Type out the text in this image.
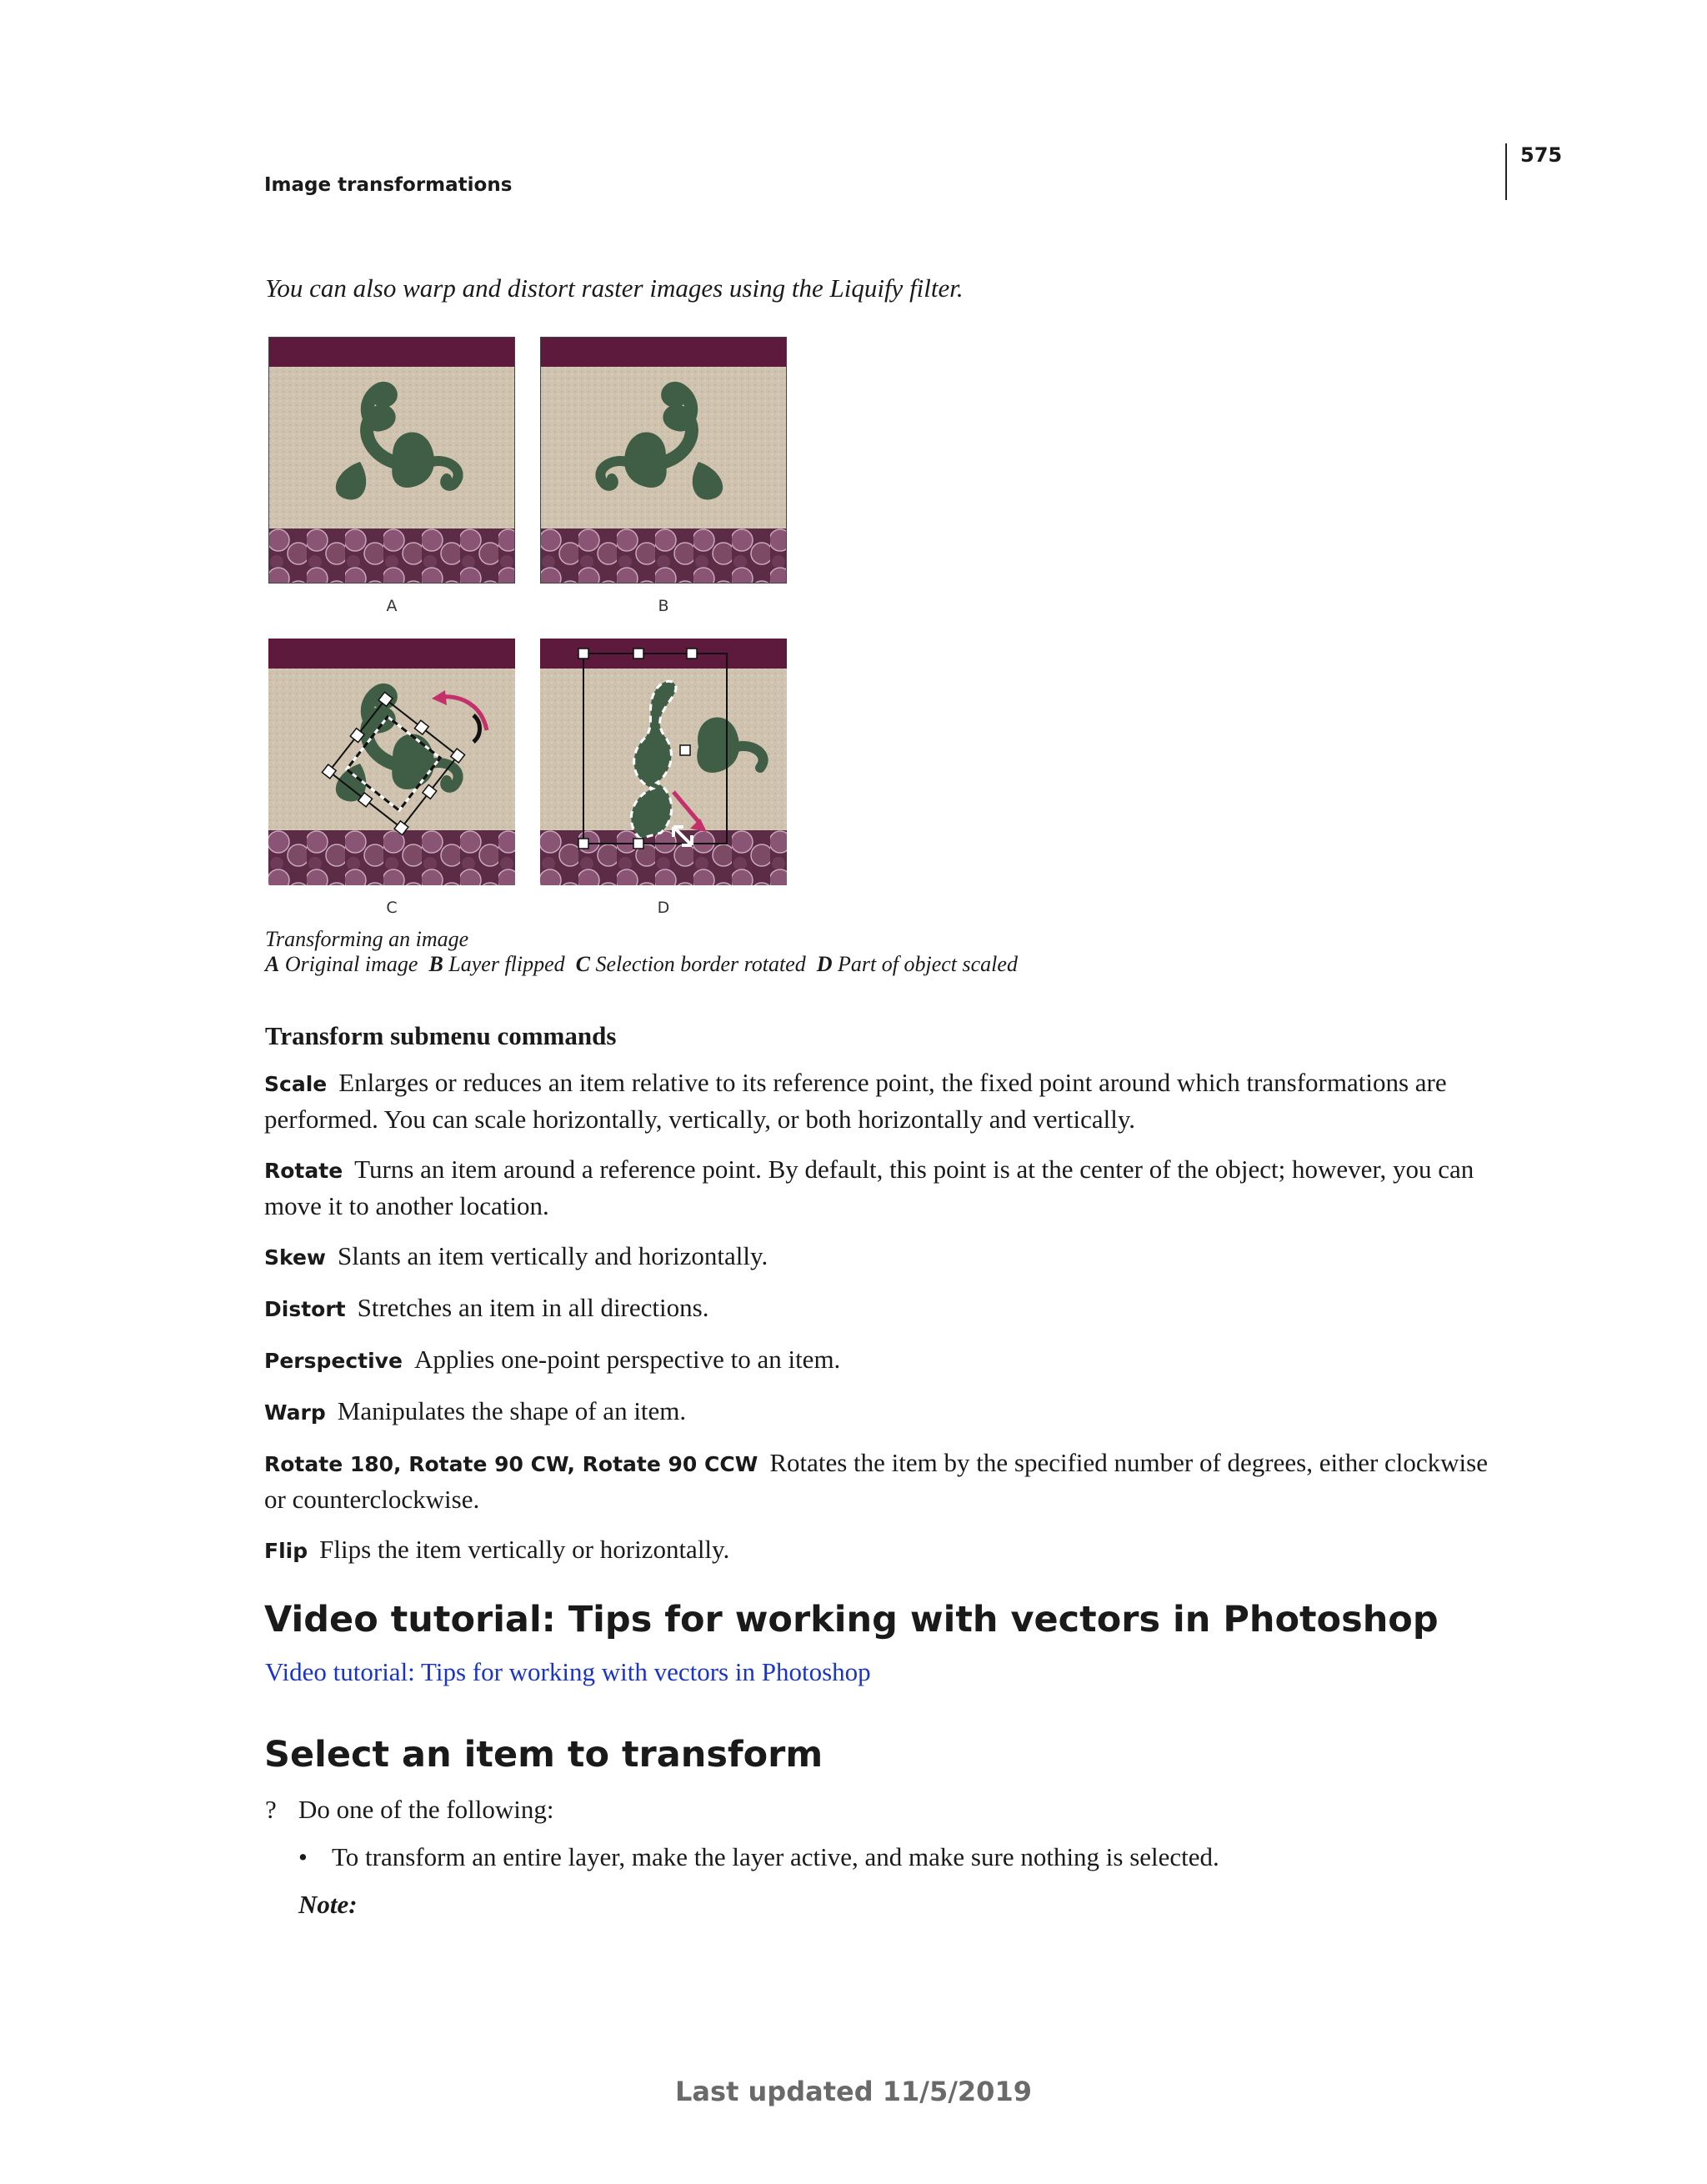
575
Image transformations
You can also warp and distort raster images using the Liquify filter.
A	B
C	D
Transforming an image
A Original image B Layer flipped C Selection border rotated D Part of object scaled
Transform submenu commands

Scale Enlarges or reduces an item relative to its reference point, the fixed point around which transformations are performed. You can scale horizontally, vertically, or both horizontally and vertically.

Rotate Turns an item around a reference point. By default, this point is at the center of the object; however, you can move it to another location.

Skew Slants an item vertically and horizontally.

Distort Stretches an item in all directions.

Perspective Applies one-point perspective to an item.

Warp Manipulates the shape of an item.

Rotate 180, Rotate 90 CW, Rotate 90 CCW Rotates the item by the specified number of degrees, either clockwise or counterclockwise.

Flip Flips the item vertically or horizontally.

Video tutorial: Tips for working with vectors in Photoshop
Video tutorial: Tips for working with vectors in Photoshop
Select an item to transform
? Do one of the following:
• To transform an entire layer, make the layer active, and make sure nothing is selected.
Note:
Last updated 11/5/2019
